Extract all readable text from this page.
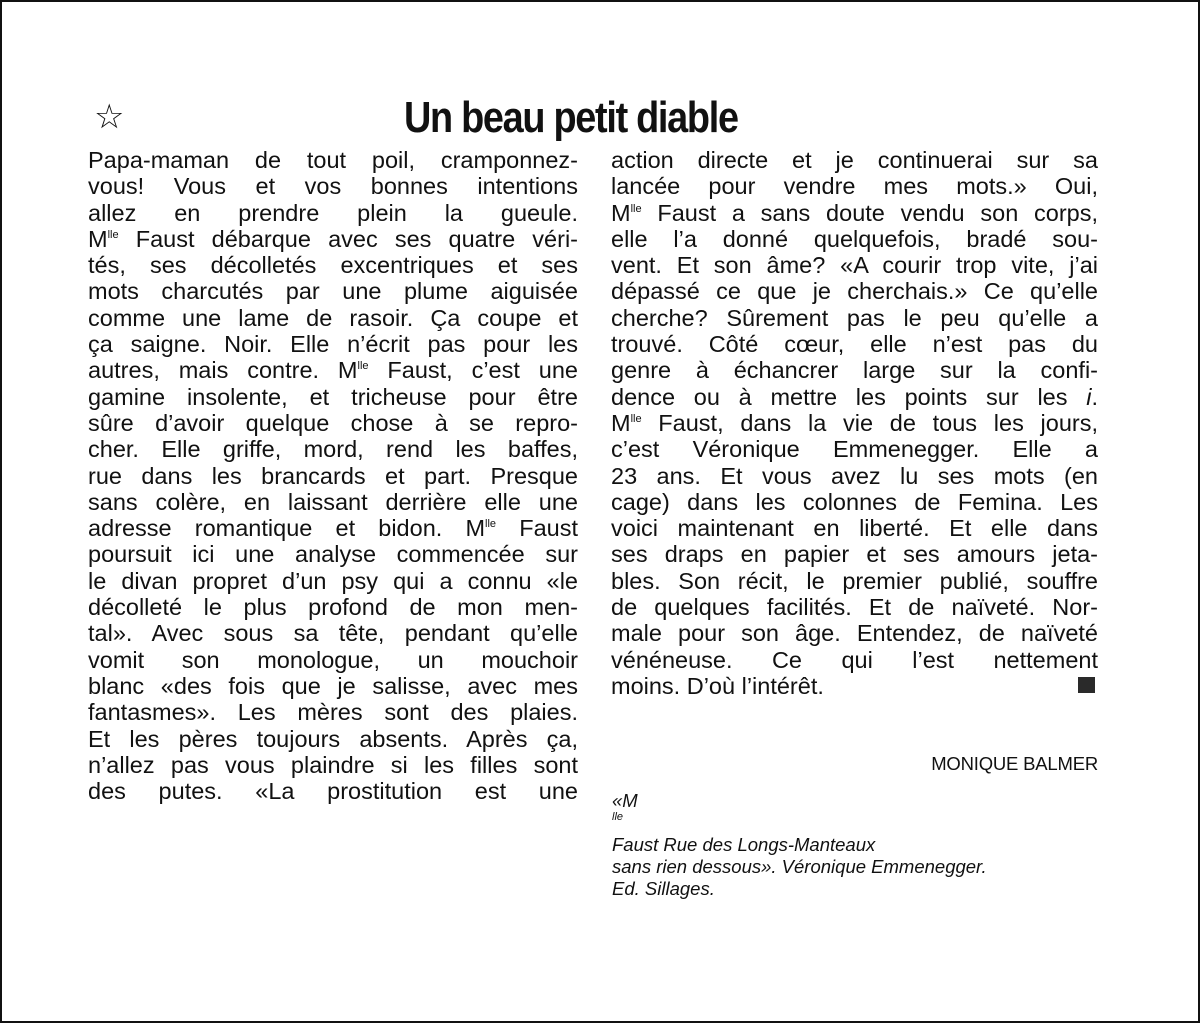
☆	Un beau petit diable
Papa-maman de tout poil, cramponnez-
vous! Vous et vos bonnes intentions
allez en prendre plein la gueule.
$M^{lle}$ Faust débarque avec ses quatre véri-
tés, ses décolletés excentriques et ses
mots charcutés par une plume aiguisée
comme une lame de rasoir. Ça coupe et
ça saigne. Noir. Elle n’écrit pas pour les
autres, mais contre. $M^{lle}$ Faust, c’est une
gamine insolente, et tricheuse pour être
sûre d’avoir quelque chose à se repro-
cher. Elle griffe, mord, rend les baffes,
rue dans les brancards et part. Presque
sans colère, en laissant derrière elle une
adresse romantique et bidon. $M^{lle}$ Faust
poursuit ici une analyse commencée sur
le divan propret d’un psy qui a connu «le
décolleté le plus profond de mon men-
tal». Avec sous sa tête, pendant qu’elle
vomit son monologue, un mouchoir
blanc «des fois que je salisse, avec mes
fantasmes». Les mères sont des plaies.
Et les pères toujours absents. Après ça,
n’allez pas vous plaindre si les filles sont
des putes. «La prostitution est une
action directe et je continuerai sur sa
lancée pour vendre mes mots.» Oui,
$M^{lle}$ Faust a sans doute vendu son corps,
elle l’a donné quelquefois, bradé sou-
vent. Et son âme? «A courir trop vite, j’ai
dépassé ce que je cherchais.» Ce qu’elle
cherche? Sûrement pas le peu qu’elle a
trouvé. Côté cœur, elle n’est pas du
genre à échancrer large sur la confi-
dence ou à mettre les points sur les i.
$M^{lle}$ Faust, dans la vie de tous les jours,
c’est Véronique Emmenegger. Elle a
23 ans. Et vous avez lu ses mots (en
cage) dans les colonnes de Femina. Les
voici maintenant en liberté. Et elle dans
ses draps en papier et ses amours jeta-
bles. Son récit, le premier publié, souffre
de quelques facilités. Et de naïveté. Nor-
male pour son âge. Entendez, de naïveté
vénéneuse. Ce qui l’est nettement
moins. D’où l’intérêt.
MONIQUE BALMER
«M
$^{lle}$
Faust Rue des Longs-Manteaux
sans rien dessous». Véronique Emmenegger.
Ed. Sillages.
